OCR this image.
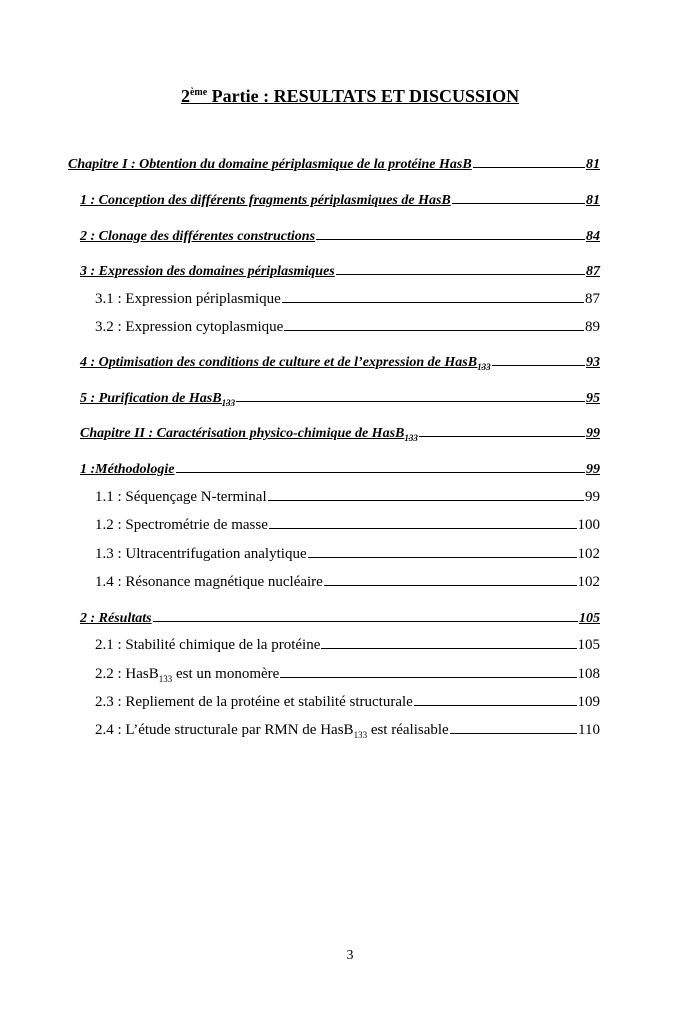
2ème Partie : RESULTATS ET DISCUSSION
Chapitre I : Obtention du domaine périplasmique de la protéine HasB	81
1 : Conception des différents fragments périplasmiques de HasB	81
2 : Clonage des différentes constructions	84
3 : Expression des domaines périplasmiques	87
3.1 : Expression périplasmique	87
3.2 : Expression cytoplasmique	89
4 : Optimisation des conditions de culture et de l’expression de HasB$_{133}$	93
5 : Purification de HasB$_{133}$	95
Chapitre II : Caractérisation physico-chimique de HasB$_{133}$	99
1 :Méthodologie	99
1.1 : Séquençage N-terminal	99
1.2 : Spectrométrie de masse	100
1.3 : Ultracentrifugation analytique	102
1.4 : Résonance magnétique nucléaire	102
2 : Résultats	105
2.1 : Stabilité chimique de la protéine	105
2.2 : HasB$_{133}$ est un monomère	108
2.3 : Repliement de la protéine et stabilité structurale	109
2.4 : L’étude structurale par RMN de HasB$_{133}$ est réalisable	110
3
